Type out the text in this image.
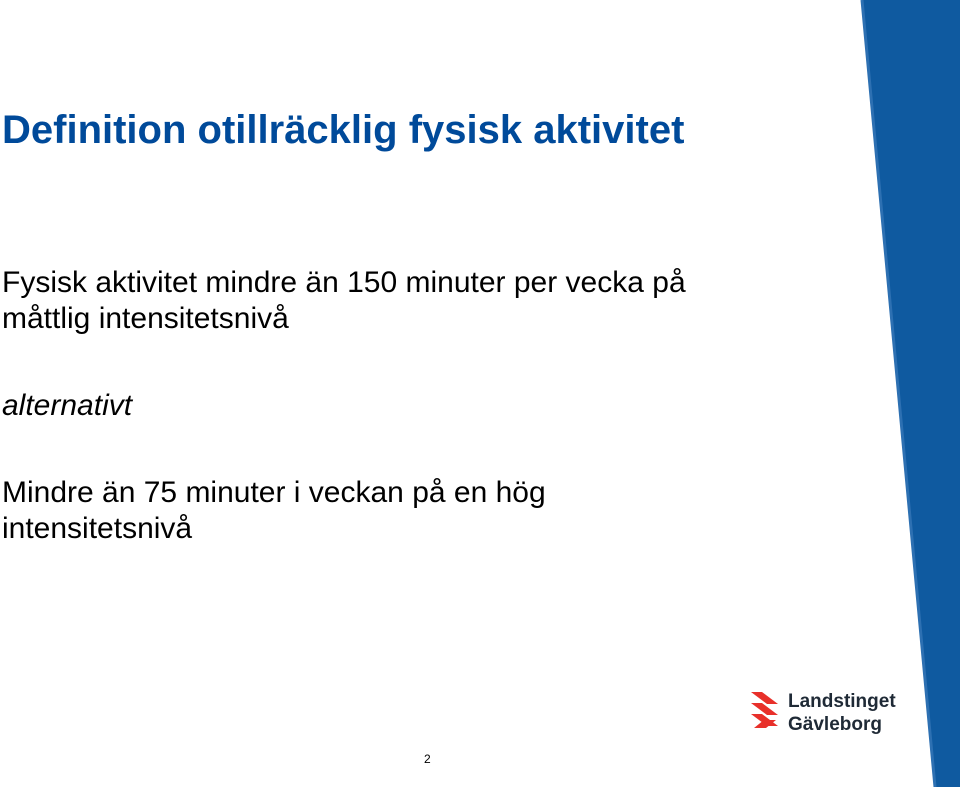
Definition otillräcklig fysisk aktivitet
Fysisk aktivitet mindre än 150 minuter per vecka på
måttlig intensitetsnivå
alternativt
Mindre än 75 minuter i veckan på en hög
intensitetsnivå
Landstinget
Gävleborg
2
